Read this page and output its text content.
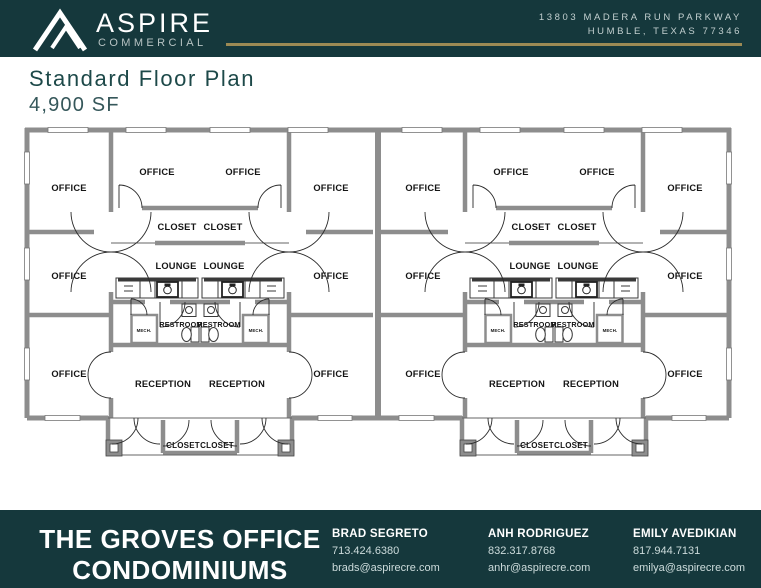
ASPIRE
COMMERCIAL
13803 MADERA RUN PARKWAY
HUMBLE, TEXAS 77346
Standard Floor Plan
4,900 SF
OFFICE
OFFICE
OFFICE
OFFICE
CLOSET
LOUNGE
RESTROOM
MECH.
RECEPTION
CLOSET
OFFICE
OFFICE
OFFICE
OFFICE
CLOSET
LOUNGE
RESTROOM
MECH.
RECEPTION
CLOSET
OFFICE
OFFICE
OFFICE
OFFICE
CLOSET
LOUNGE
RESTROOM
MECH.
RECEPTION
CLOSET
OFFICE
OFFICE
OFFICE
OFFICE
CLOSET
LOUNGE
RESTROOM
MECH.
RECEPTION
CLOSET
THE GROVES OFFICE
CONDOMINIUMS
BRAD SEGRETO
713.424.6380
brads@aspirecre.com
ANH RODRIGUEZ
832.317.8768
anhr@aspirecre.com
EMILY AVEDIKIAN
817.944.7131
emilya@aspirecre.com
